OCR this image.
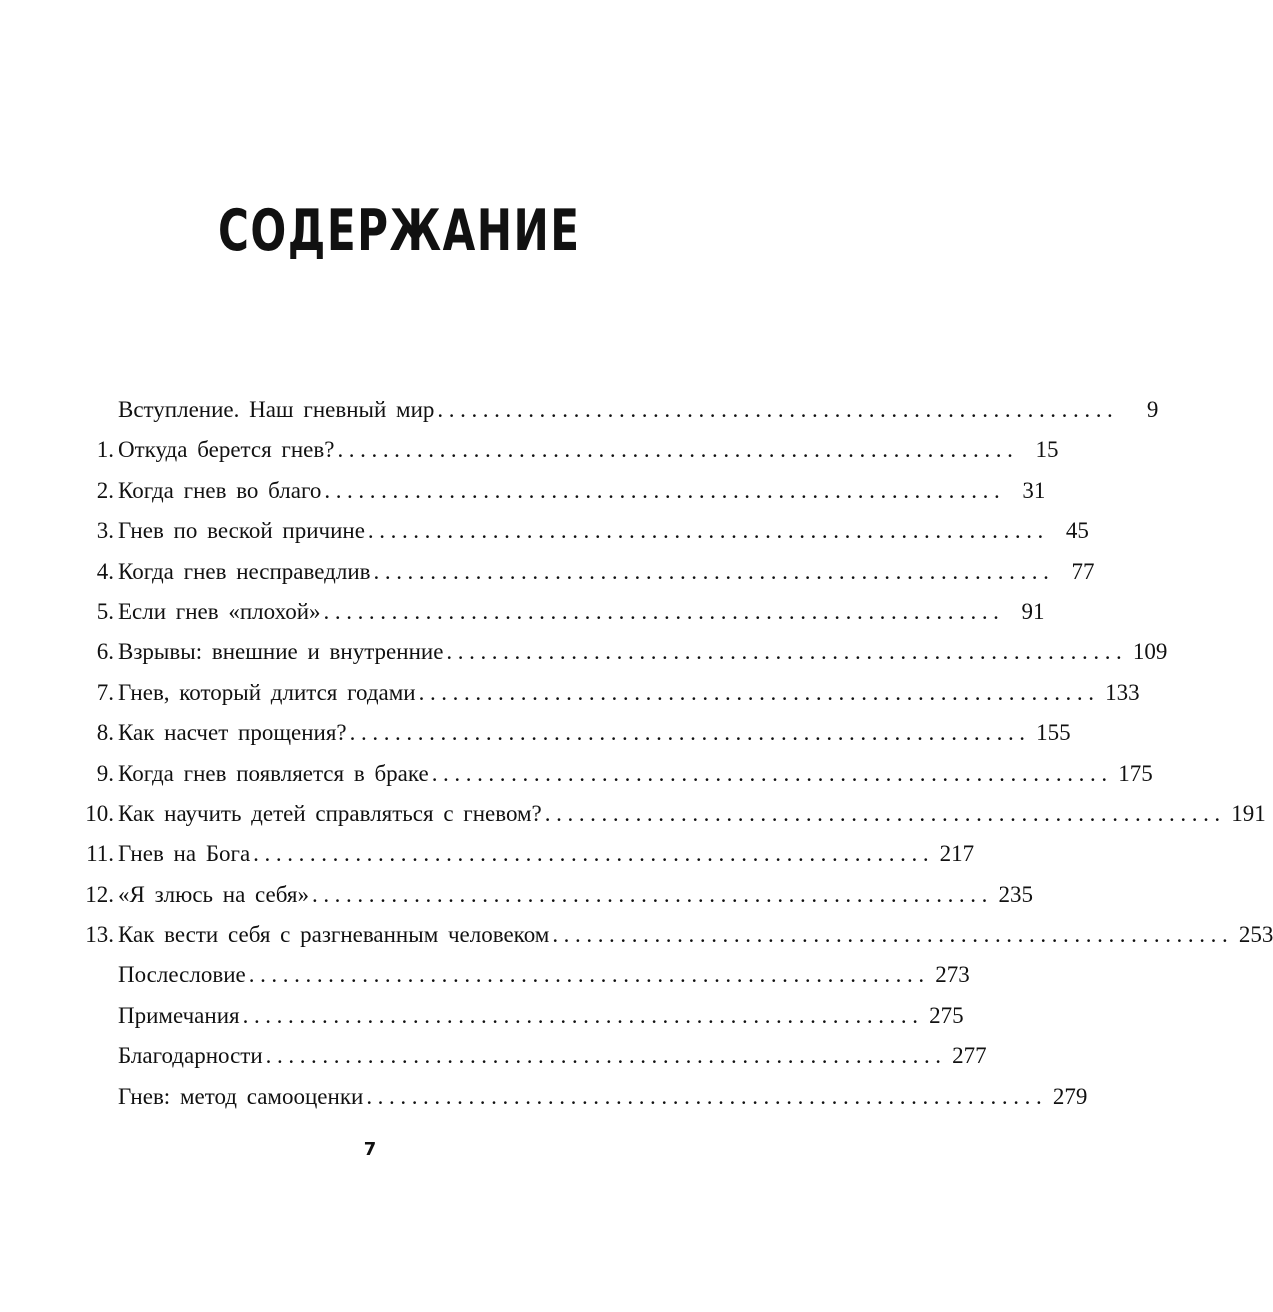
СОДЕРЖАНИЕ
Вступление. Наш гневный мир ............................................................	9
1. Откуда берется гнев? ............................................................ 15
2. Когда гнев во благо ............................................................ 31
3. Гнев по веской причине ............................................................ 45
4. Когда гнев несправедлив ............................................................ 77
5. Если гнев «плохой» ............................................................ 91
6. Взрывы: внешние и внутренние ............................................................ 109
7. Гнев, который длится годами ............................................................ 133
8. Как насчет прощения? ............................................................ 155
9. Когда гнев появляется в браке ............................................................ 175
10. Как научить детей справляться с гневом? ............................................................ 191
11. Гнев на Бога ............................................................ 217
12. «Я злюсь на себя» ............................................................ 235
13. Как вести себя с разгневанным человеком ............................................................ 253
Послесловие ............................................................ 273
Примечания ............................................................ 275
Благодарности ............................................................ 277
Гнев: метод самооценки ............................................................ 279
7
